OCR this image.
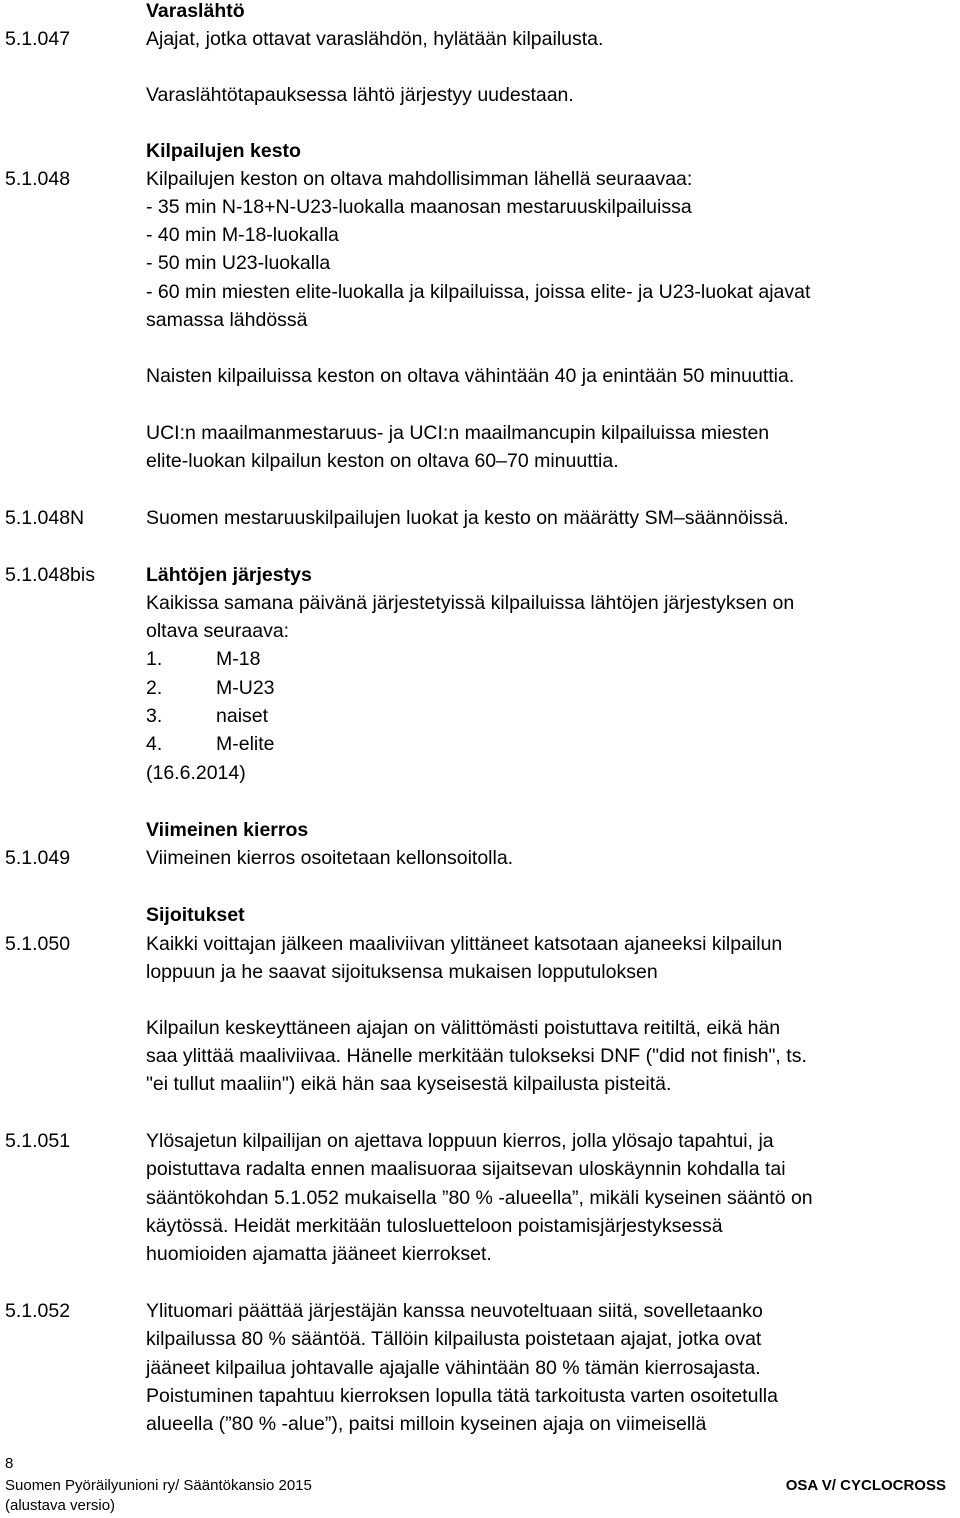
Varaslähtö
5.1.047	Ajajat, jotka ottavat varaslähdön, hylätään kilpailusta.
Varaslähtötapauksessa lähtö järjestyy uudestaan.
Kilpailujen kesto
5.1.048	Kilpailujen keston on oltava mahdollisimman lähellä seuraavaa:
- 35 min N-18+N-U23-luokalla maanosan mestaruuskilpailuissa
- 40 min M-18-luokalla
- 50 min U23-luokalla
- 60 min miesten elite-luokalla ja kilpailuissa, joissa elite- ja U23-luokat ajavat
samassa lähdössä
Naisten kilpailuissa keston on oltava vähintään 40 ja enintään 50 minuuttia.
UCI:n maailmanmestaruus- ja UCI:n maailmancupin kilpailuissa miesten
elite-luokan kilpailun keston on oltava 60–70 minuuttia.
5.1.048N	Suomen mestaruuskilpailujen luokat ja kesto on määrätty SM–säännöissä.
5.1.048bis	Lähtöjen järjestys
Kaikissa samana päivänä järjestetyissä kilpailuissa lähtöjen järjestyksen on
oltava seuraava:
1.	M-18
2.	M-U23
3.	naiset
4.	M-elite
(16.6.2014)
Viimeinen kierros
5.1.049	Viimeinen kierros osoitetaan kellonsoitolla.
Sijoitukset
5.1.050	Kaikki voittajan jälkeen maaliviivan ylittäneet katsotaan ajaneeksi kilpailun
loppuun ja he saavat sijoituksensa mukaisen lopputuloksen
Kilpailun keskeyttäneen ajajan on välittömästi poistuttava reitiltä, eikä hän
saa ylittää maaliviivaa. Hänelle merkitään tulokseksi DNF ("did not finish", ts.
"ei tullut maaliin") eikä hän saa kyseisestä kilpailusta pisteitä.
5.1.051	Ylösajetun kilpailijan on ajettava loppuun kierros, jolla ylösajo tapahtui, ja
poistuttava radalta ennen maalisuoraa sijaitsevan uloskäynnin kohdalla tai
sääntökohdan 5.1.052 mukaisella ”80 % -alueella”, mikäli kyseinen sääntö on
käytössä. Heidät merkitään tulosluetteloon poistamisjärjestyksessä
huomioiden ajamatta jääneet kierrokset.
5.1.052	Ylituomari päättää järjestäjän kanssa neuvoteltuaan siitä, sovelletaanko
kilpailussa 80 % sääntöä. Tällöin kilpailusta poistetaan ajajat, jotka ovat
jääneet kilpailua johtavalle ajajalle vähintään 80 % tämän kierrosajasta.
Poistuminen tapahtuu kierroksen lopulla tätä tarkoitusta varten osoitetulla
alueella (”80 % -alue”), paitsi milloin kyseinen ajaja on viimeisellä
8
Suomen Pyöräilyunioni ry/ Sääntökansio 2015
(alustava versio)
OSA V/ CYCLOCROSS
